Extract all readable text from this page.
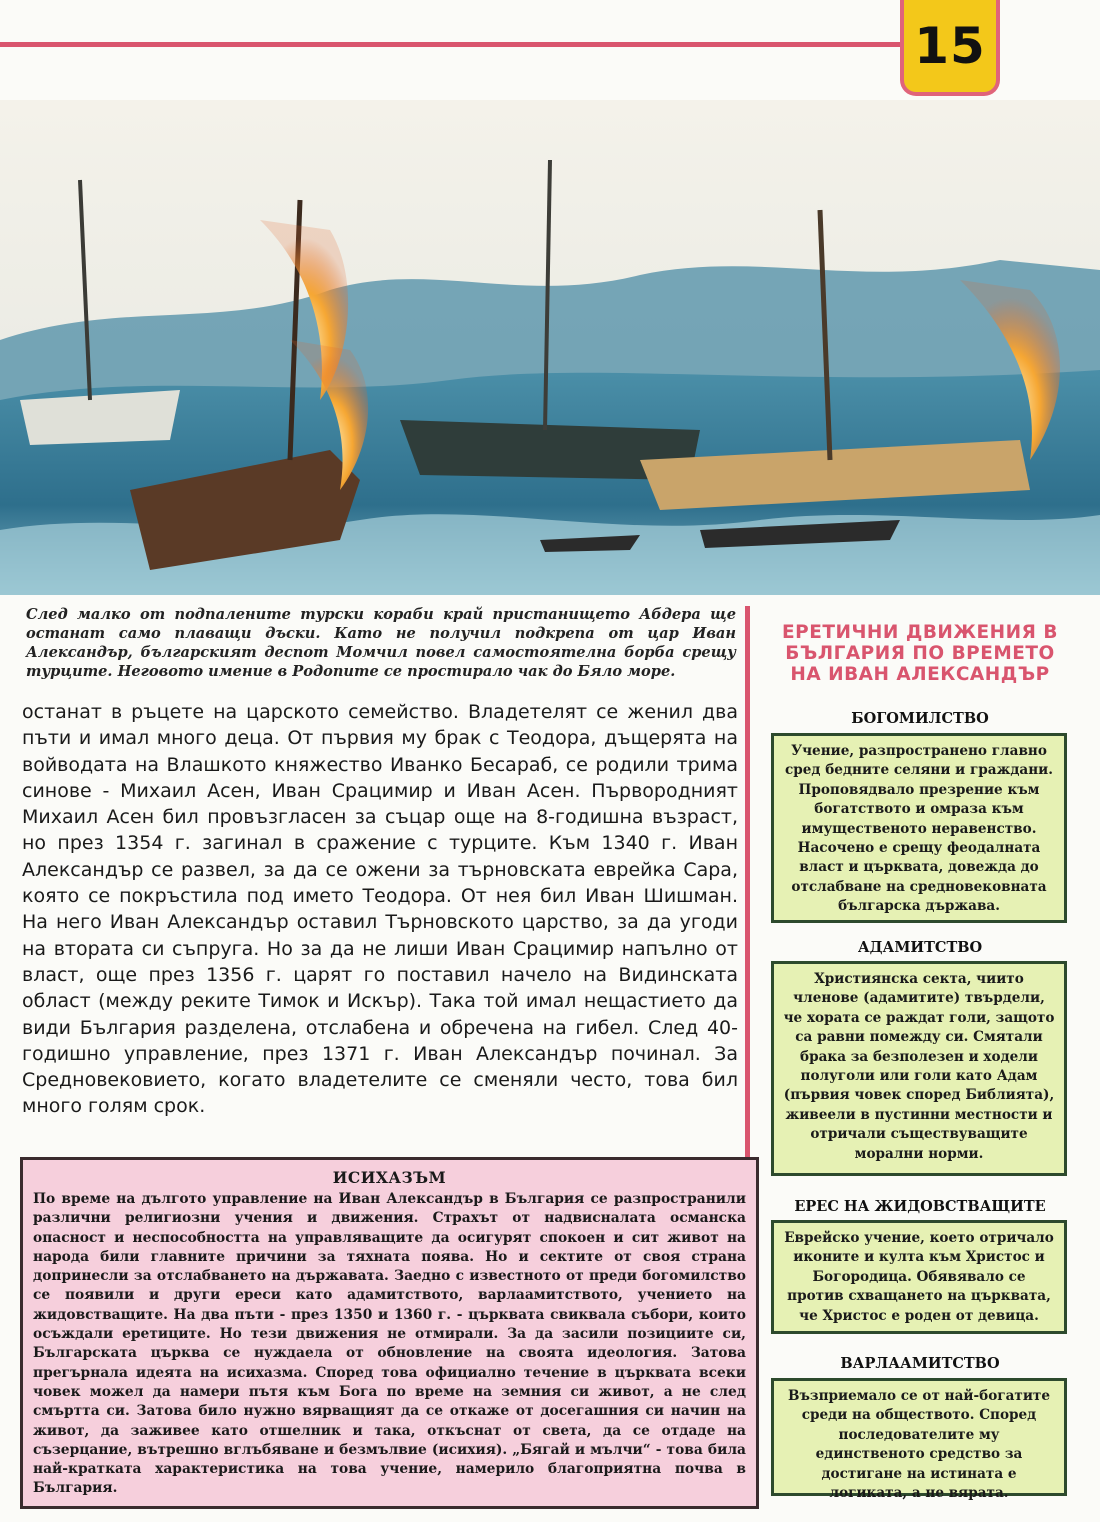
15
След малко от подпалените турски кораби край пристанището Абдера ще останат само плаващи дъски. Като не получил подкрепа от цар Иван Александър, българският деспот Момчил повел самостоятелна борба срещу турците. Неговото имение в Родопите се простирало чак до Бяло море.
останат в ръцете на царското семейство. Владетелят се женил два пъти и имал много деца. От първия му брак с Теодора, дъщерята на войводата на Влашкото княжество Иванко Бесараб, се родили трима синове - Михаил Асен, Иван Срацимир и Иван Асен. Първородният Михаил Асен бил провъзгласен за съцар още на 8-годишна възраст, но през 1354 г. загинал в сражение с турците. Към 1340 г. Иван Александър се развел, за да се ожени за търновската еврейка Сара, която се покръстила под името Теодора. От нея бил Иван Шишман. На него Иван Александър оставил Търновското царство, за да угоди на втората си съпруга. Но за да не лиши Иван Срацимир напълно от власт, още през 1356 г. царят го поставил начело на Видинската област (между реките Тимок и Искър). Така той имал нещастието да види България разделена, отслабена и обречена на гибел. След 40-годишно управление, през 1371 г. Иван Александър починал. За Средновековието, когато владетелите се сменяли често, това бил много голям срок.
ЕРЕТИЧНИ ДВИЖЕНИЯ В БЪЛГАРИЯ ПО ВРЕМЕТО НА ИВАН АЛЕКСАНДЪР
БОГОМИЛСТВО
Учение, разпространено главно сред бедните селяни и граждани. Проповядвало презрение към богатството и омраза към имущественото неравенство. Насочено е срещу феодалната власт и църквата, довежда до отслабване на средновековната българска държава.
АДАМИТСТВО
Християнска секта, чиито членове (адамитите) твърдели, че хората се раждат голи, защото са равни помежду си. Смятали брака за безполезен и ходели полуголи или голи като Адам (първия човек според Библията), живеели в пустинни местности и отричали съществуващите морални норми.
ЕРЕС НА ЖИДОВСТВАЩИТЕ
Еврейско учение, което отричало иконите и култа към Христос и Богородица. Обявявало се против схващането на църквата, че Христос е роден от девица.
ВАРЛААМИТСТВО
Възприемало се от най-богатите среди на обществото. Според последователите му единственото средство за достигане на истината е логиката, а не вярата.
ИСИХАЗЪМ
По време на дългото управление на Иван Александър в България се разпространили различни религиозни учения и движения. Страхът от надвисналата османска опасност и неспособността на управляващите да осигурят спокоен и сит живот на народа били главните причини за тяхната поява. Но и сектите от своя страна допринесли за отслабването на държавата. Заедно с известното от преди богомилство се появили и други ереси като адамитството, варлаамитството, учението на жидовстващите. На два пъти - през 1350 и 1360 г. - църквата свиквала събори, които осъждали еретиците. Но тези движения не отмирали. За да засили позициите си, Българската църква се нуждаела от обновление на своята идеология. Затова прегърнала идеята на исихазма. Според това официално течение в църквата всеки човек можел да намери пътя към Бога по време на земния си живот, а не след смъртта си. Затова било нужно вярващият да се откаже от досегашния си начин на живот, да заживее като отшелник и така, откъснат от света, да се отдаде на съзерцание, вътрешно вглъбяване и безмълвие (исихия). „Бягай и мълчи“ - това била най-кратката характеристика на това учение, намерило благоприятна почва в България.
